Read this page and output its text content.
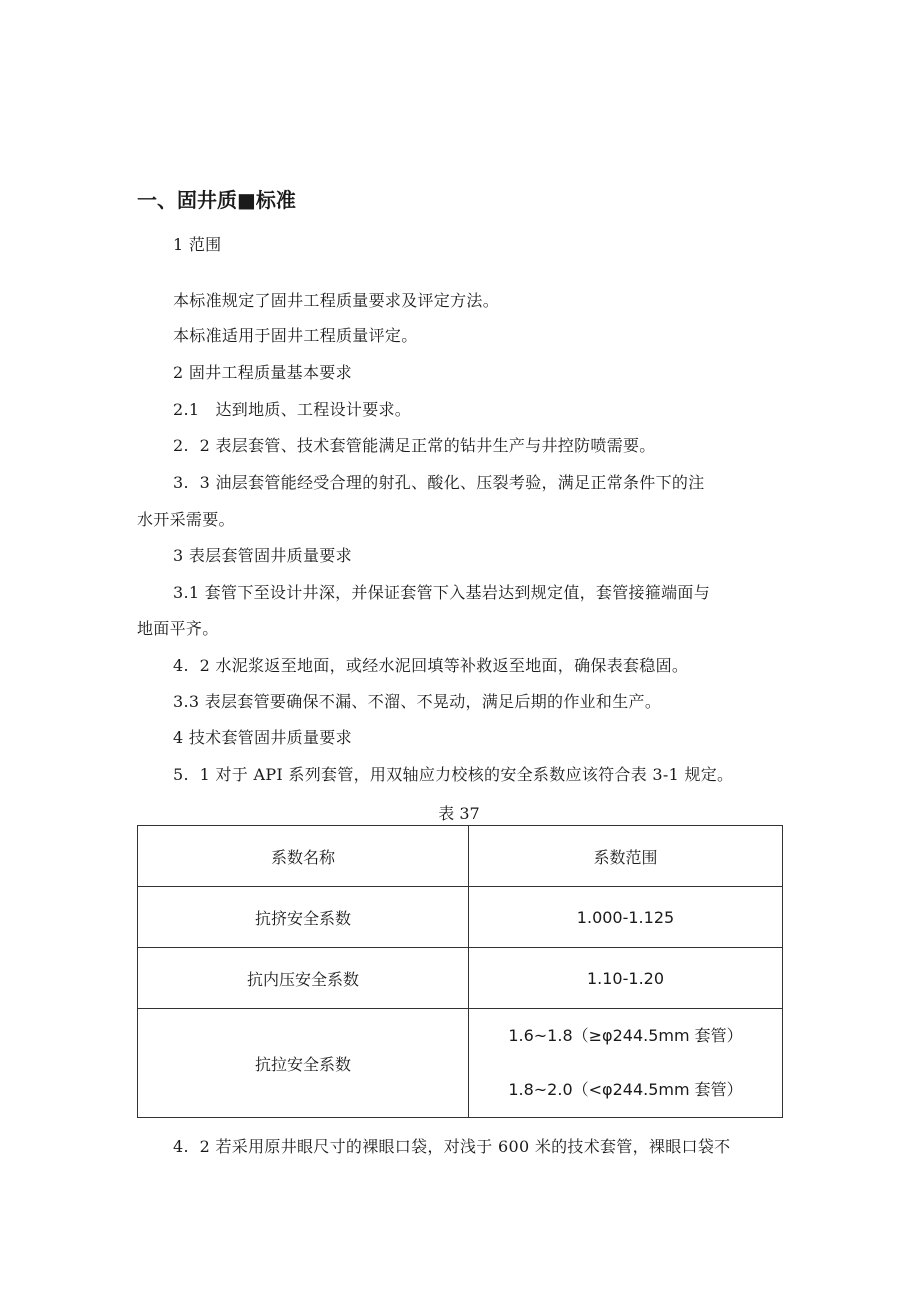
一、固井质■标准
1 范围
本标准规定了固井工程质量要求及评定方法。
本标准适用于固井工程质量评定。
2 固井工程质量基本要求
2.1   达到地质、工程设计要求。
2.  2 表层套管、技术套管能满足正常的钻井生产与井控防喷需要。
3.  3 油层套管能经受合理的射孔、酸化、压裂考验，满足正常条件下的注
水开采需要。
3 表层套管固井质量要求
3.1 套管下至设计井深，并保证套管下入基岩达到规定值，套管接箍端面与
地面平齐。
4.  2 水泥浆返至地面，或经水泥回填等补救返至地面，确保表套稳固。
3.3 表层套管要确保不漏、不溜、不晃动，满足后期的作业和生产。
4 技术套管固井质量要求
5.  1 对于 API 系列套管，用双轴应力校核的安全系数应该符合表 3-1 规定。
表 37
系数名称	系数范围
抗挤安全系数	1.000-1.125
抗内压安全系数	1.10-1.20
抗拉安全系数	1.6~1.8（≥φ244.5mm 套管）
1.8~2.0（<φ244.5mm 套管）
4.  2 若采用原井眼尺寸的裸眼口袋，对浅于 600 米的技术套管，裸眼口袋不
